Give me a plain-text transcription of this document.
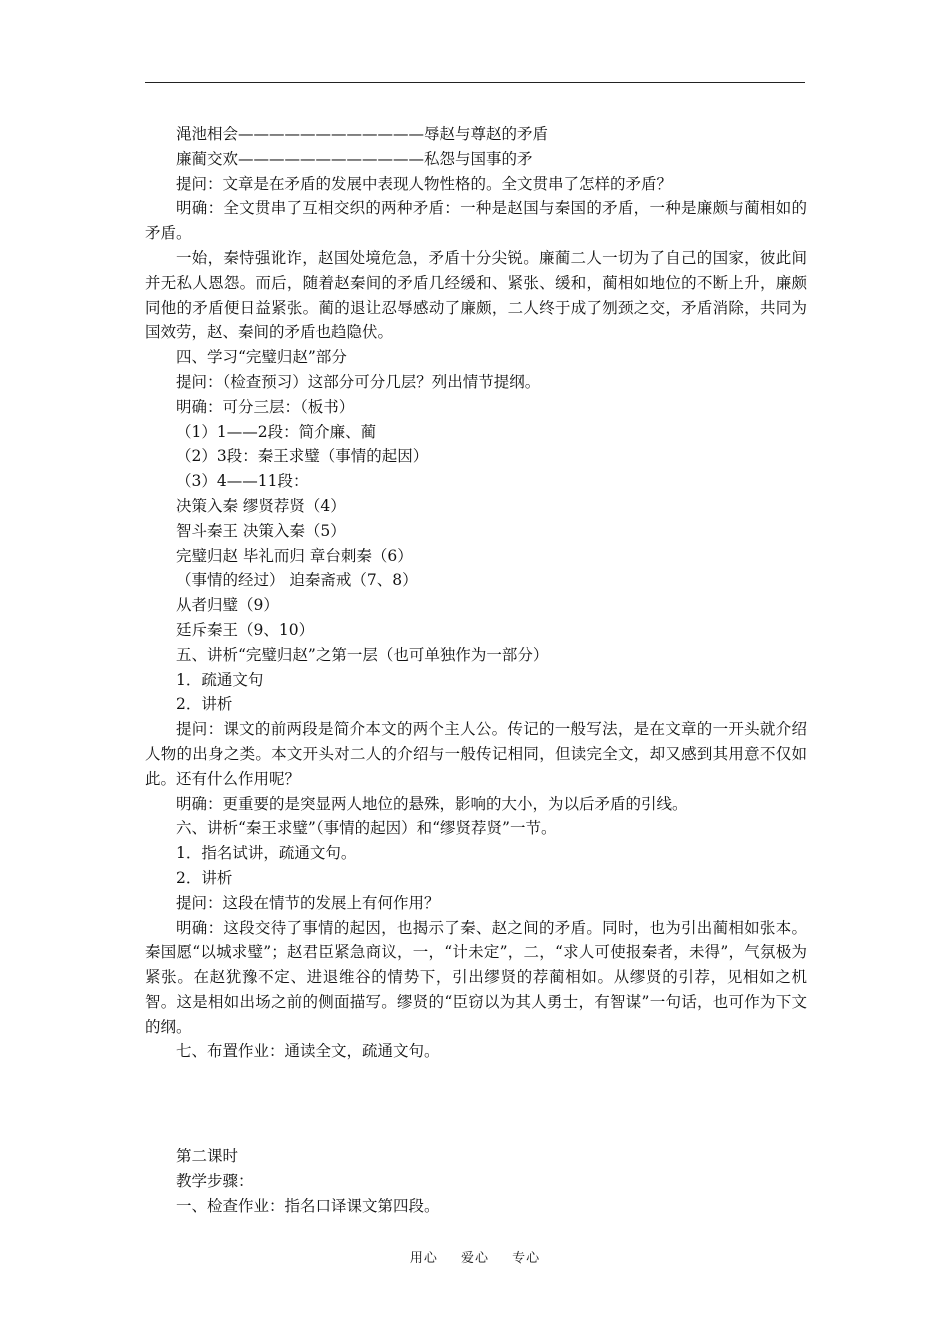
渑池相会————————————辱赵与尊赵的矛盾
廉蔺交欢————————————私怨与国事的矛
提问：文章是在矛盾的发展中表现人物性格的。全文贯串了怎样的矛盾？
明确：全文贯串了互相交织的两种矛盾：一种是赵国与秦国的矛盾，一种是廉颇与蔺相如的矛盾。
一始，秦恃强讹诈，赵国处境危急，矛盾十分尖锐。廉蔺二人一切为了自己的国家，彼此间并无私人恩怨。而后，随着赵秦间的矛盾几经缓和、紧张、缓和，蔺相如地位的不断上升，廉颇同他的矛盾便日益紧张。蔺的退让忍辱感动了廉颇，二人终于成了刎颈之交，矛盾消除，共同为国效劳，赵、秦间的矛盾也趋隐伏。
四、学习“完璧归赵”部分
提问：（检查预习）这部分可分几层？列出情节提纲。
明确：可分三层：（板书）
（1）1——2段：简介廉、蔺
（2）3段：秦王求璧（事情的起因）
（3）4——11段：
决策入秦 缪贤荐贤（4）
智斗秦王 决策入秦（5）
完璧归赵 毕礼而归 章台刺秦（6）
（事情的经过） 迫秦斋戒（7、8）
从者归璧（9）
廷斥秦王（9、10）
五、讲析“完璧归赵”之第一层（也可单独作为一部分）
1．疏通文句
2．讲析
提问：课文的前两段是简介本文的两个主人公。传记的一般写法，是在文章的一开头就介绍人物的出身之类。本文开头对二人的介绍与一般传记相同，但读完全文，却又感到其用意不仅如此。还有什么作用呢？
明确：更重要的是突显两人地位的悬殊，影响的大小，为以后矛盾的引线。
六、讲析“秦王求璧”（事情的起因）和“缪贤荐贤”一节。
1．指名试讲，疏通文句。
2．讲析
提问：这段在情节的发展上有何作用？
明确：这段交待了事情的起因，也揭示了秦、赵之间的矛盾。同时，也为引出蔺相如张本。秦国愿“以城求璧”；赵君臣紧急商议，一，“计未定”，二，“求人可使报秦者，未得”，气氛极为紧张。在赵犹豫不定、进退维谷的情势下，引出缪贤的荐蔺相如。从缪贤的引荐，见相如之机智。这是相如出场之前的侧面描写。缪贤的“臣窃以为其人勇士，有智谋”一句话，也可作为下文的纲。
七、布置作业：通读全文，疏通文句。
第二课时
教学步骤：
一、检查作业：指名口译课文第四段。
用心 爱心 专心
